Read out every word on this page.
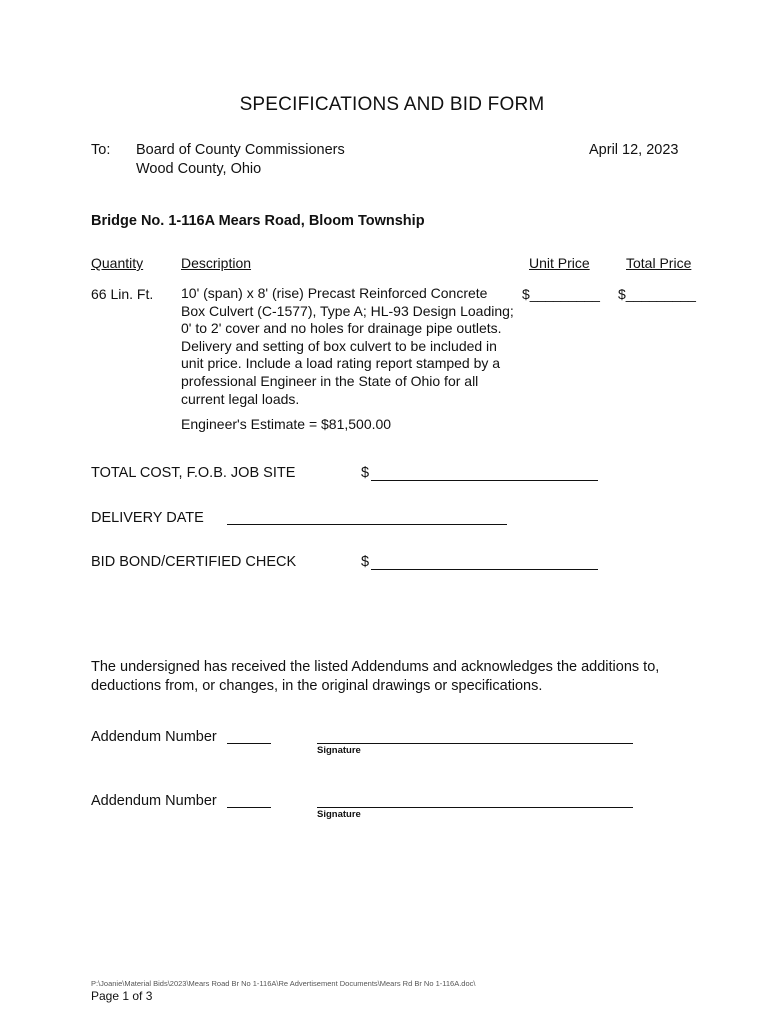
SPECIFICATIONS AND BID FORM
To: Board of County Commissioners
Wood County, Ohio
April 12, 2023
Bridge No. 1-116A Mears Road, Bloom Township
Quantity	Description	Unit Price	Total Price
66 Lin. Ft. 10' (span) x 8' (rise) Precast Reinforced Concrete
Box Culvert (C-1577), Type A; HL-93 Design Loading;
0' to 2' cover and no holes for drainage pipe outlets.
Delivery and setting of box culvert to be included in
unit price. Include a load rating report stamped by a
professional Engineer in the State of Ohio for all
current legal loads.
$_________ $_________
Engineer's Estimate = $81,500.00
TOTAL COST, F.O.B. JOB SITE	$
DELIVERY DATE
BID BOND/CERTIFIED CHECK	$
The undersigned has received the listed Addendums and acknowledges the additions to,
deductions from, or changes, in the original drawings or specifications.
Addendum Number
Signature
Addendum Number
Signature
P:\Joanie\Material Bids\2023\Mears Road Br No 1-116A\Re Advertisement Documents\Mears Rd Br No 1-116A.doc\
Page 1 of 3
